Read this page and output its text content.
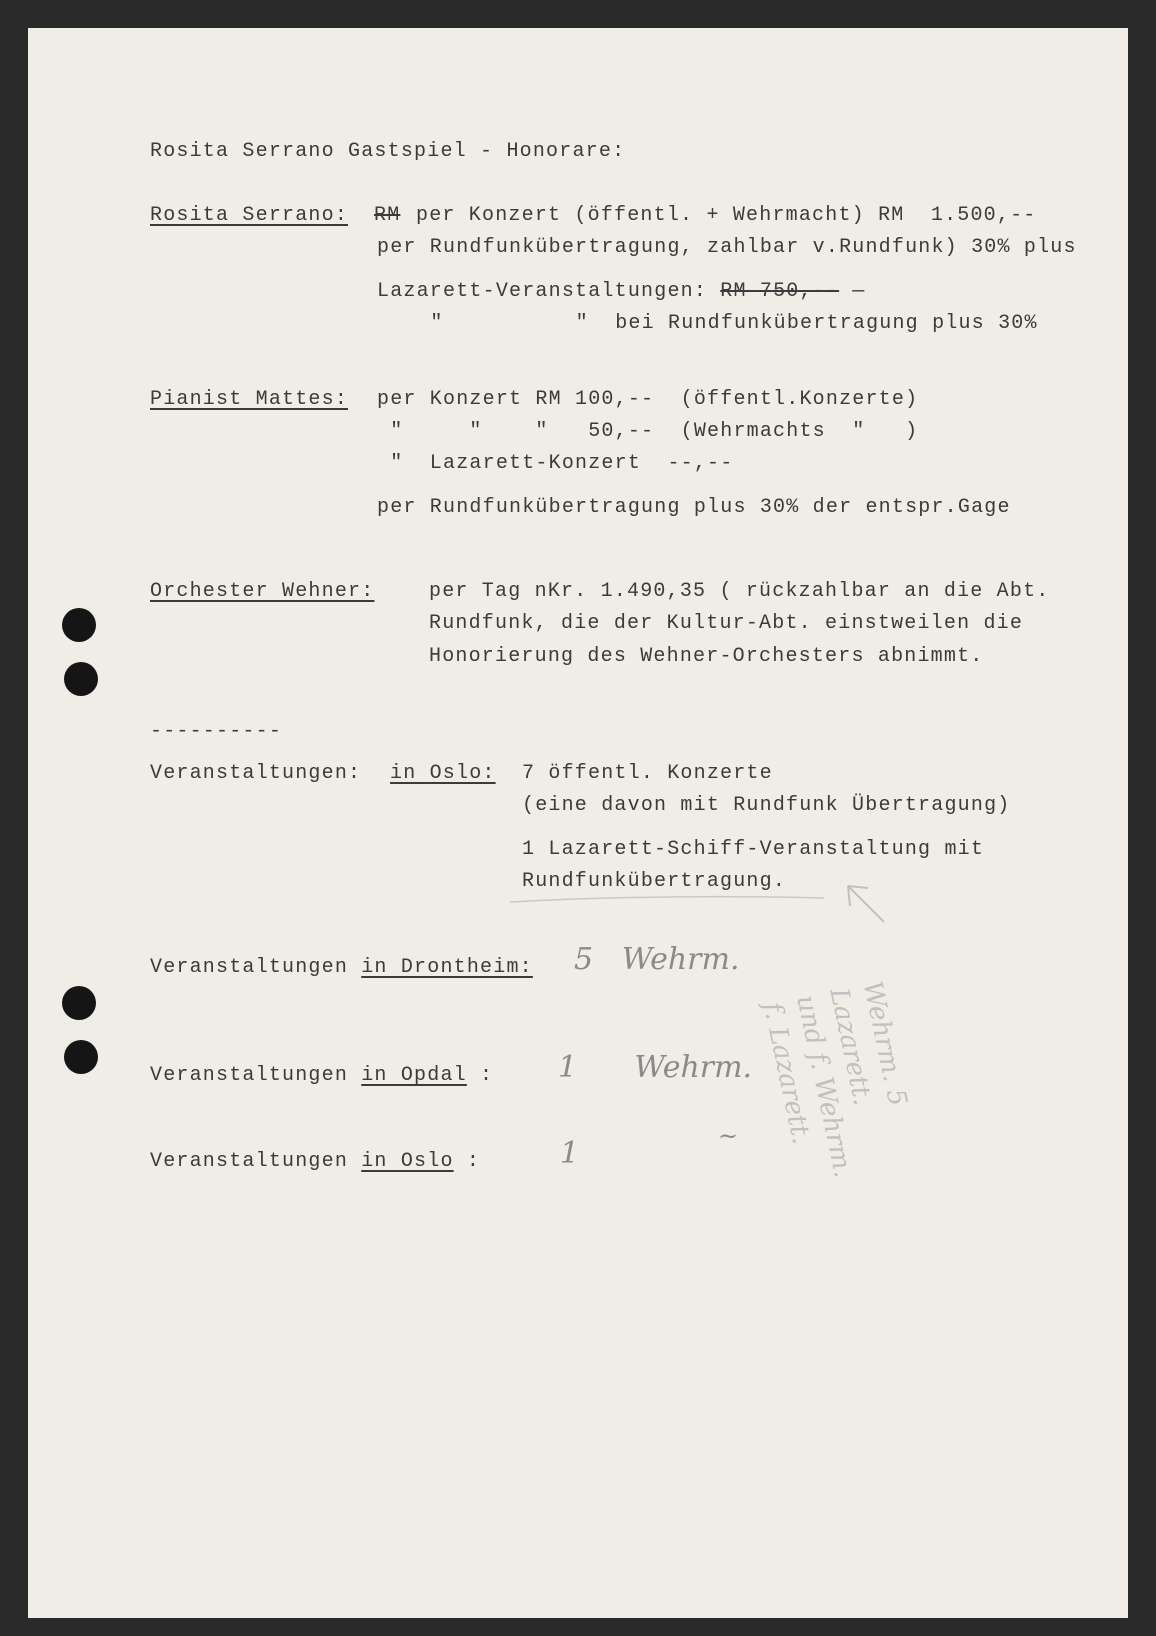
Rosita Serrano Gastspiel - Honorare:
Rosita Serrano: RM per Konzert (öffentl. + Wehrmacht) RM  1.500,--
per Rundfunkübertragung, zahlbar v.Rundfunk) 30% plus
Lazarett-Veranstaltungen: RM 750,-- —
"          "  bei Rundfunkübertragung plus 30%
Pianist Mattes: per Konzert RM 100,--  (öffentl.Konzerte)
"     "    "   50,--  (Wehrmachts  "   )
"  Lazarett-Konzert  --,--
per Rundfunkübertragung plus 30% der entspr.Gage
Orchester Wehner:	per Tag nKr. 1.490,35 ( rückzahlbar an die Abt.
Rundfunk, die der Kultur-Abt. einstweilen die
Honorierung des Wehner-Orchesters abnimmt.
----------
Veranstaltungen: in Oslo: 7 öffentl. Konzerte
(eine davon mit Rundfunk Übertragung)
1 Lazarett-Schiff-Veranstaltung mit
Rundfunkübertragung.
Veranstaltungen in Drontheim: 5   Wehrm.
Veranstaltungen in Opdal : 1      Wehrm.
Veranstaltungen in Oslo :	1	~
Wehrm. 5
Lazarett.
und f. Wehrm.
f. Lazarett.
